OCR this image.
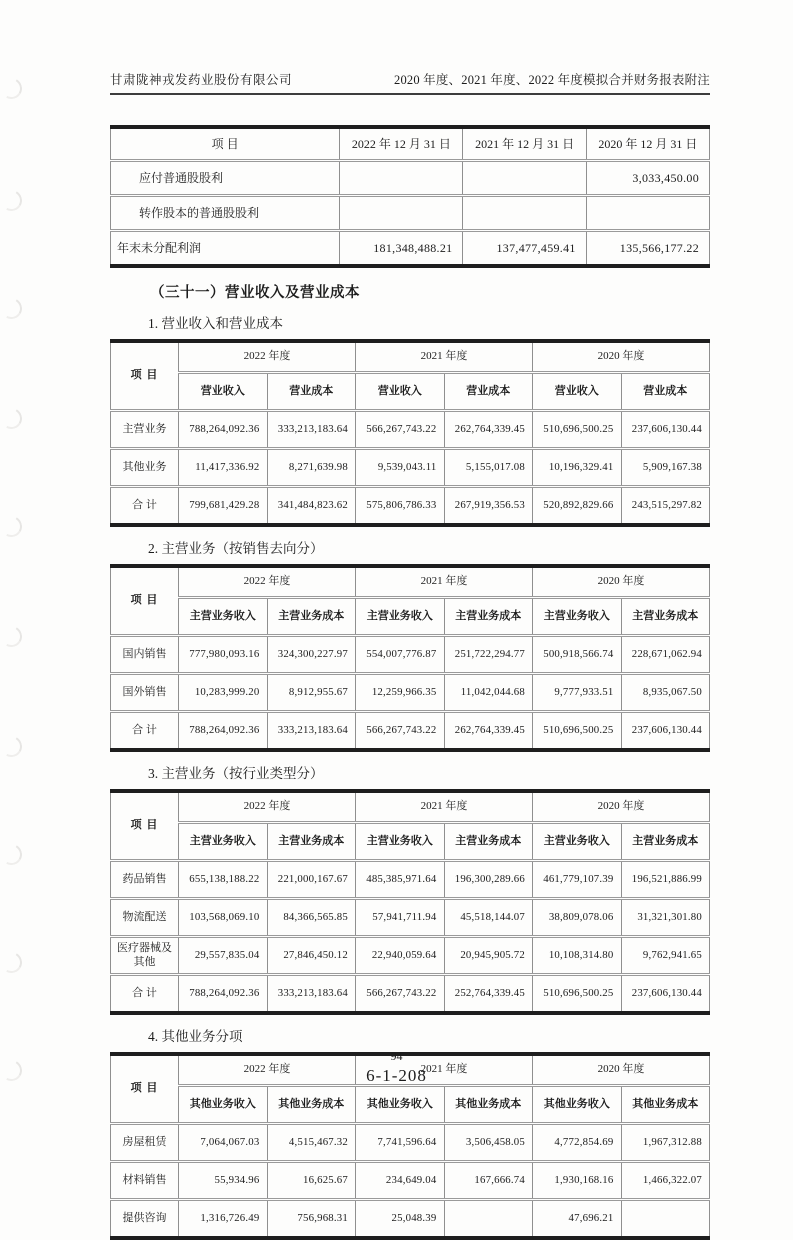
甘肃陇神戎发药业股份有限公司	2020 年度、2021 年度、2022 年度模拟合并财务报表附注
项 目	2022 年 12 月 31 日	2021 年 12 月 31 日	2020 年 12 月 31 日
应付普通股股利			3,033,450.00
转作股本的普通股股利			
年末未分配利润	181,348,488.21	137,477,459.41	135,566,177.22
（三十一）营业收入及营业成本
1. 营业收入和营业成本
项 目	2022 年度		2021 年度		2020 年度	
	营业收入	营业成本	营业收入	营业成本	营业收入	营业成本
主营业务	788,264,092.36	333,213,183.64	566,267,743.22	262,764,339.45	510,696,500.25	237,606,130.44
其他业务	11,417,336.92	8,271,639.98	9,539,043.11	5,155,017.08	10,196,329.41	5,909,167.38
合 计	799,681,429.28	341,484,823.62	575,806,786.33	267,919,356.53	520,892,829.66	243,515,297.82
2. 主营业务（按销售去向分）
项 目	2022 年度		2021 年度		2020 年度	
	主营业务收入	主营业务成本	主营业务收入	主营业务成本	主营业务收入	主营业务成本
国内销售	777,980,093.16	324,300,227.97	554,007,776.87	251,722,294.77	500,918,566.74	228,671,062.94
国外销售	10,283,999.20	8,912,955.67	12,259,966.35	11,042,044.68	9,777,933.51	8,935,067.50
合 计	788,264,092.36	333,213,183.64	566,267,743.22	262,764,339.45	510,696,500.25	237,606,130.44
3. 主营业务（按行业类型分）
项 目	2022 年度		2021 年度		2020 年度	
	主营业务收入	主营业务成本	主营业务收入	主营业务成本	主营业务收入	主营业务成本
药品销售	655,138,188.22	221,000,167.67	485,385,971.64	196,300,289.66	461,779,107.39	196,521,886.99
物流配送	103,568,069.10	84,366,565.85	57,941,711.94	45,518,144.07	38,809,078.06	31,321,301.80
医疗器械及其他	29,557,835.04	27,846,450.12	22,940,059.64	20,945,905.72	10,108,314.80	9,762,941.65
合 计	788,264,092.36	333,213,183.64	566,267,743.22	252,764,339.45	510,696,500.25	237,606,130.44
4. 其他业务分项
项 目	2022 年度		2021 年度		2020 年度	
	其他业务收入	其他业务成本	其他业务收入	其他业务成本	其他业务收入	其他业务成本
房屋租赁	7,064,067.03	4,515,467.32	7,741,596.64	3,506,458.05	4,772,854.69	1,967,312.88
材料销售	55,934.96	16,625.67	234,649.04	167,666.74	1,930,168.16	1,466,322.07
提供咨询	1,316,726.49	756,968.31	25,048.39		47,696.21	
94
6-1-208
